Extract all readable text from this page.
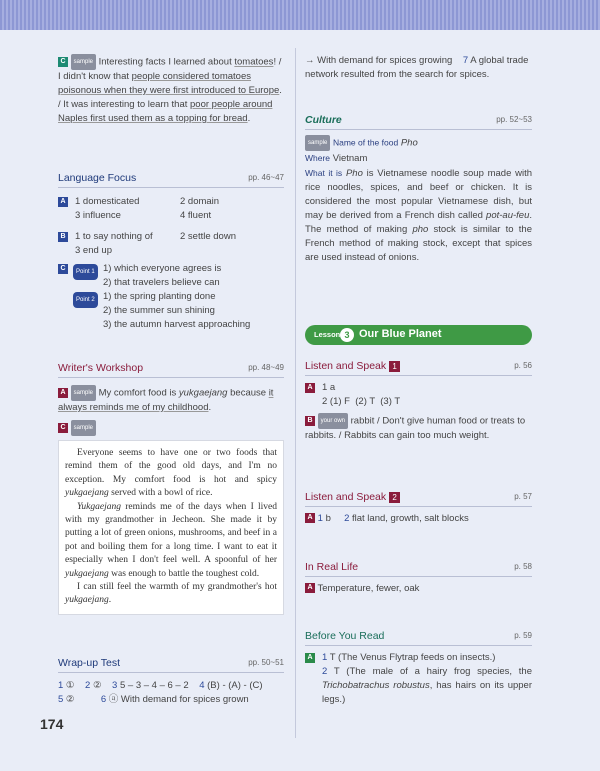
C sample Interesting facts I learned about tomatoes! / I didn't know that people considered tomatoes poisonous when they were first introduced to Europe. / It was interesting to learn that poor people around Naples first used them as a topping for bread.
Language Focus	pp. 46~47
A 1 domesticated	2 domain
3 influence	4 fluent
B 1 to say nothing of	2 settle down
3 end up
C	Point 1 1) which everyone agrees is
2) that travelers believe can
Point 2 1) the spring planting done
2) the summer sun shining
3) the autumn harvest approaching
Writer's Workshop	pp. 48~49
A sample My comfort food is yukgaejang because it always reminds me of my childhood.
C sample

Everyone seems to have one or two foods that remind them of the good old days, and I'm no exception. My comfort food is hot and spicy yukgaejang served with a bowl of rice.

Yukgaejang reminds me of the days when I lived with my grandmother in Jecheon. She made it by putting a lot of green onions, mushrooms, and beef in a pot and boiling them for a long time. I want to eat it especially when I don't feel well. A spoonful of her yukgaejang was enough to battle the toughest cold.

I can still feel the warmth of my grandmother's hot yukgaejang.

Wrap-up Test	pp. 50~51
1 ①    2 ②    3 5 – 3 – 4 – 6 – 2    4 (B) - (A) - (C)
5 ②          6 ⓐ With demand for spices grown
174
→ With demand for spices growing    7 A global trade network resulted from the search for spices.
Culture	pp. 52~53
sample Name of the food Pho
Where Vietnam
What it is Pho is Vietnamese noodle soup made with rice noodles, spices, and beef or chicken. It is considered the most popular Vietnamese dish, but may be derived from a French dish called pot-au-feu. The method of making pho stock is similar to the French method of making stock, except that spices are used instead of onions.
Lesson 3 Our Blue Planet
Listen and Speak 1	p. 56
A 1 a
2 (1) F  (2) T  (3) T
B your own rabbit / Don't give human food or treats to rabbits. / Rabbits can gain too much weight.
Listen and Speak 2	p. 57
A 1 b     2 flat land, growth, salt blocks
In Real Life	p. 58
A Temperature, fewer, oak
Before You Read	p. 59
A 1 T (The Venus Flytrap feeds on insects.)
2 T (The male of a hairy frog species, the Trichobatrachus robustus, has hairs on its upper legs.)
